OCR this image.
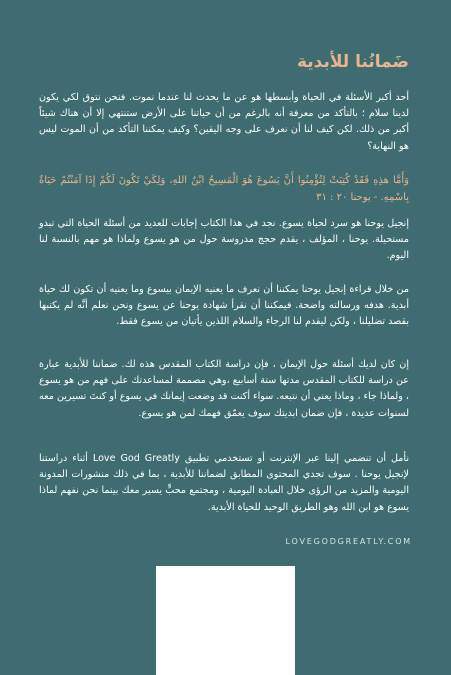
ضَمانُنا للأبدية

أحد أكبر الأسئلة في الحياة وأبسطها هو عن ما يحدث لنا عندما نموت. فنحن نتوق لكي يكون لدينا سلام ؛ بالتأكد من معرفة أنه بالرغم من أن حياتنا على الأرض ستنتهي إلا أن هناك شيئاً أكبر من ذلك. لكن كيف لنا أن نعرف على وجه اليقين؟ وكيف يمكننا التأكد من أن الموت ليس هو النهاية؟

وَأَمَّا هذِهِ فَقَدْ كُتِبَتْ لِتُؤْمِنُوا أَنَّ يَسُوعَ هُوَ الْمَسِيحُ ابْنُ اللهِ، وَلِكَيْ تَكُونَ لَكُمْ إِذَا آمَنْتُمْ حَيَاةٌ بِاسْمِهِ. - يوحنا ٢٠ : ٣١

إنجيل يوحنا هو سرد لحياة يسوع. نجد في هذا الكتاب إجابات للعديد من أسئلة الحياة التي تبدو مستحيلة. يوحنا ، المؤلف ، يقدم حجج مدروسة حول من هو يسوع ولماذا هو مهم بالنسبة لنا اليوم.

من خلال قراءة إنجيل يوحنا يمكننا أن نعرف ما يعنيه الإيمان بيسوع وما يعنيه أن تكون لك حياة أبدية. هدفه ورسالته واضحة. فيمكننا أن نقرأ شهادة يوحنا عن يسوع ونحن نعلم أنَّه لم يكتبها بقصد تضليلنا ، ولكن ليقدم لنا الرجاء والسلام اللذين يأتيان من يسوع فقط.

إن كان لديك أسئلة حول الإيمان ، فإن دراسة الكتاب المقدس هذه لك. ضماننا للأبدية عبارة عن دراسة للكتاب المقدس مدتها ستة أسابيع ،وهي مصممة لمساعدتك على فهم من هو يسوع ، ولماذا جاء ، وماذا يعني أن نتبعه. سواء أكنت قد وضعت إيمانك في يسوع أو كنتَ تسيرين معه لسنوات عديدة ، فإن ضمان ابديتك سوف يعمّق فهمك لمن هو يسوع.

نأمل أن تنضمي إلينا عبر الإنترنت أو تستخدمي تطبيق Love God Greatly أثناء دراستنا لإنجيل يوحنا . سوف تجدي المحتوى المطابق لضماننا للأبدية ، بما في ذلك منشورات المدونة اليومية والمزيد من الرؤى خلال العبادة اليومية ، ومجتمع محبٍّ يسير معك بينما نحن نفهم لماذا يسوع هو ابن الله وهو الطريق الوحيد للحياة الأبدية.

LOVEGODGREATLY.COM
